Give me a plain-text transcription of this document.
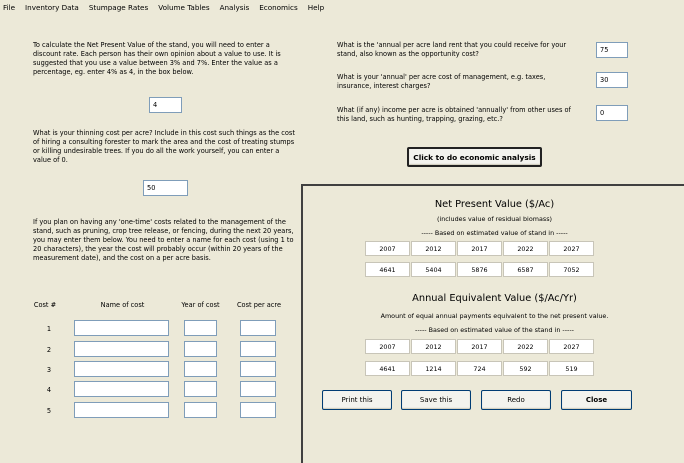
File	Inventory Data	Stumpage Rates	Volume Tables	Analysis	Economics	Help
To calculate the Net Present Value of the stand, you will need to enter a discount rate. Each person has their own opinion about a value to use. It is suggested that you use a value between 3% and 7%. Enter the value as a percentage, eg. enter 4% as 4, in the box below.
4
What is your thinning cost per acre? Include in this cost such things as the cost of hiring a consulting forester to mark the area and the cost of treating stumps or killing undesirable trees. If you do all the work yourself, you can enter a value of 0.
50
If you plan on having any 'one-time' costs related to the management of the stand, such as pruning, crop tree release, or fencing, during the next 20 years, you may enter them below. You need to enter a name for each cost (using 1 to 20 characters), the year the cost will probably occur (within 20 years of the measurement date), and the cost on a per acre basis.
Cost #	Name of cost	Year of cost	Cost per acre
1
2
3
4
5
What is the 'annual per acre land rent that you could receive for your stand, also known as the opportunity cost?	75
What is your 'annual' per acre cost of management, e.g. taxes, insurance, interest charges?
30
What (if any) income per acre is obtained 'annually' from other uses of this land, such as hunting, trapping, grazing, etc.?
0
Click to do economic analysis
Net Present Value ($/Ac)
(includes value of residual biomass)
----- Based on estimated value of stand in -----
2007	2012	2017	2022	2027
4641	5404	5876	6587	7052
Annual Equivalent Value ($/Ac/Yr)
Amount of equal annual payments equivalent to the net present value.
----- Based on estimated value of the stand in -----
2007	2012	2017	2022	2027
4641	1214	724	592	519
Print this	Save this	Redo	Close
